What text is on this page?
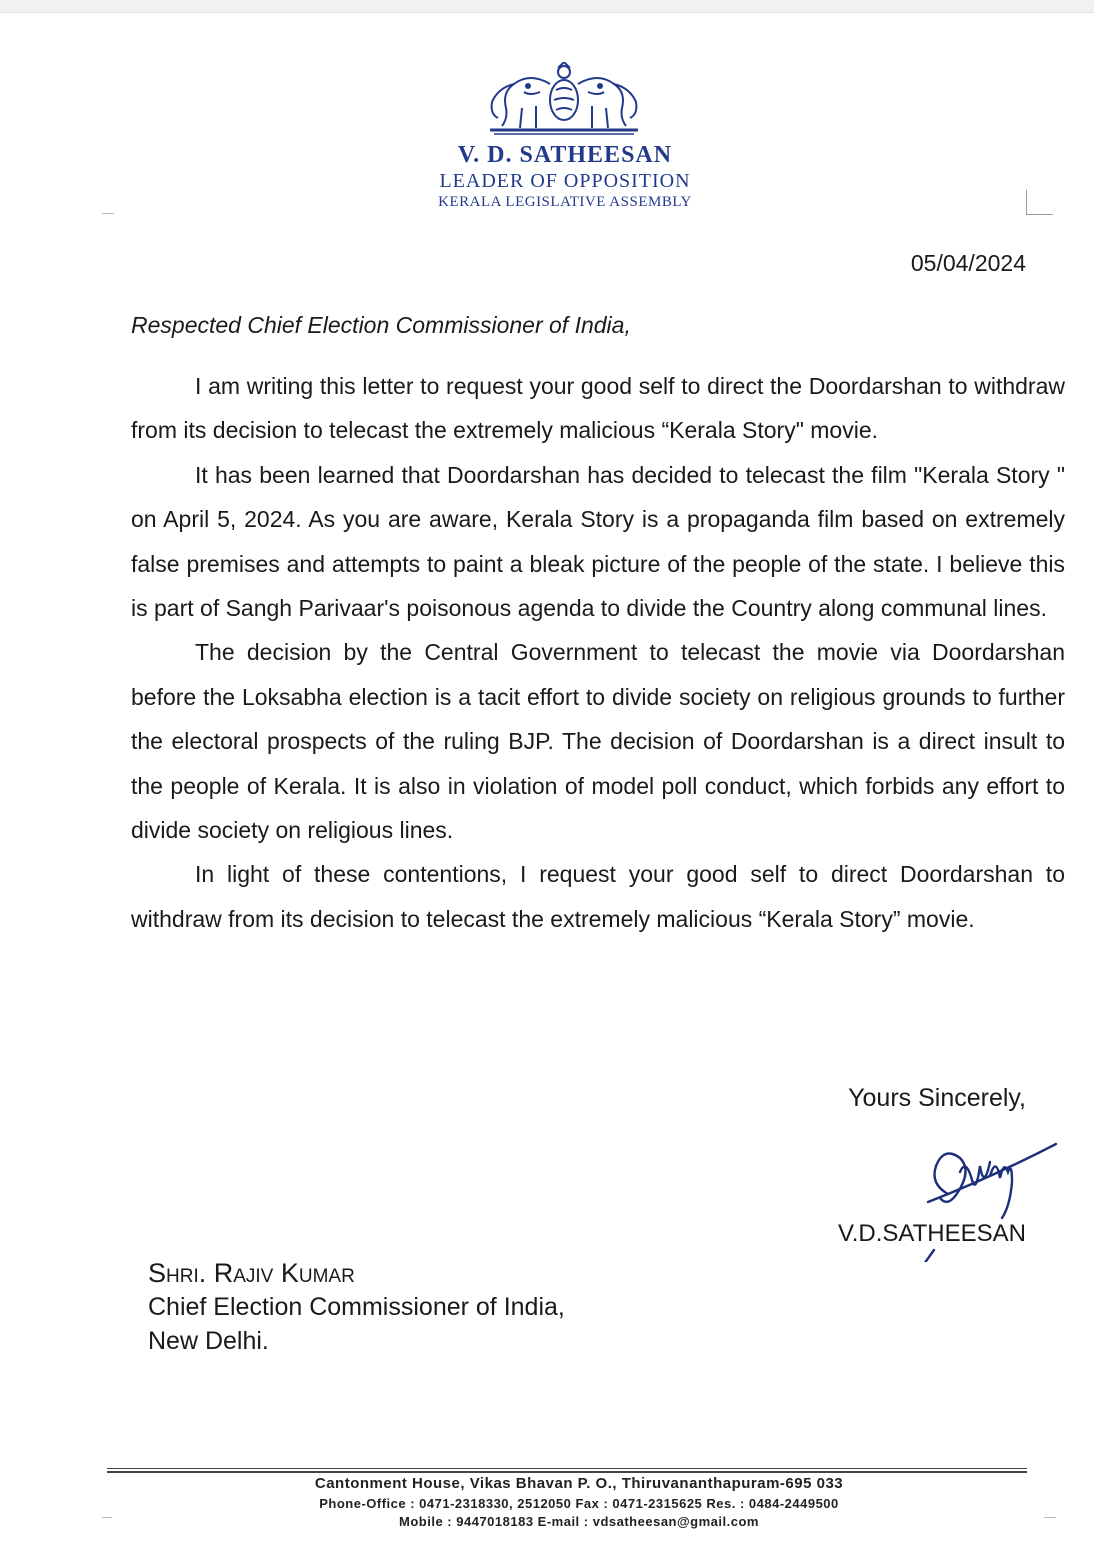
V. D. SATHEESAN
LEADER OF OPPOSITION
KERALA LEGISLATIVE ASSEMBLY
05/04/2024
Respected Chief Election Commissioner of India,

I am writing this letter to request your good self to direct the Doordarshan to withdraw from its decision to telecast the extremely malicious “Kerala Story" movie.

It has been learned that Doordarshan has decided to telecast the film "Kerala Story " on April 5, 2024. As you are aware, Kerala Story is a propaganda film based on extremely false premises and attempts to paint a bleak picture of the people of the state. I believe this is part of Sangh Parivaar's poisonous agenda to divide the Country along communal lines.

The decision by the Central Government to telecast the movie via Doordarshan before the Loksabha election is a tacit effort to divide society on religious grounds to further the electoral prospects of the ruling BJP. The decision of Doordarshan is a direct insult to the people of Kerala. It is also in violation of model poll conduct, which forbids any effort to divide society on religious lines.

In light of these contentions, I request your good self to direct Doordarshan to withdraw from its decision to telecast the extremely malicious “Kerala Story” movie.

Yours Sincerely,
V.D.SATHEESAN
Shri. Rajiv Kumar
Chief Election Commissioner of India,
New Delhi.
Cantonment House, Vikas Bhavan P. O., Thiruvananthapuram-695 033
Phone-Office : 0471-2318330, 2512050 Fax : 0471-2315625 Res. : 0484-2449500
Mobile : 9447018183 E-mail : vdsatheesan@gmail.com
